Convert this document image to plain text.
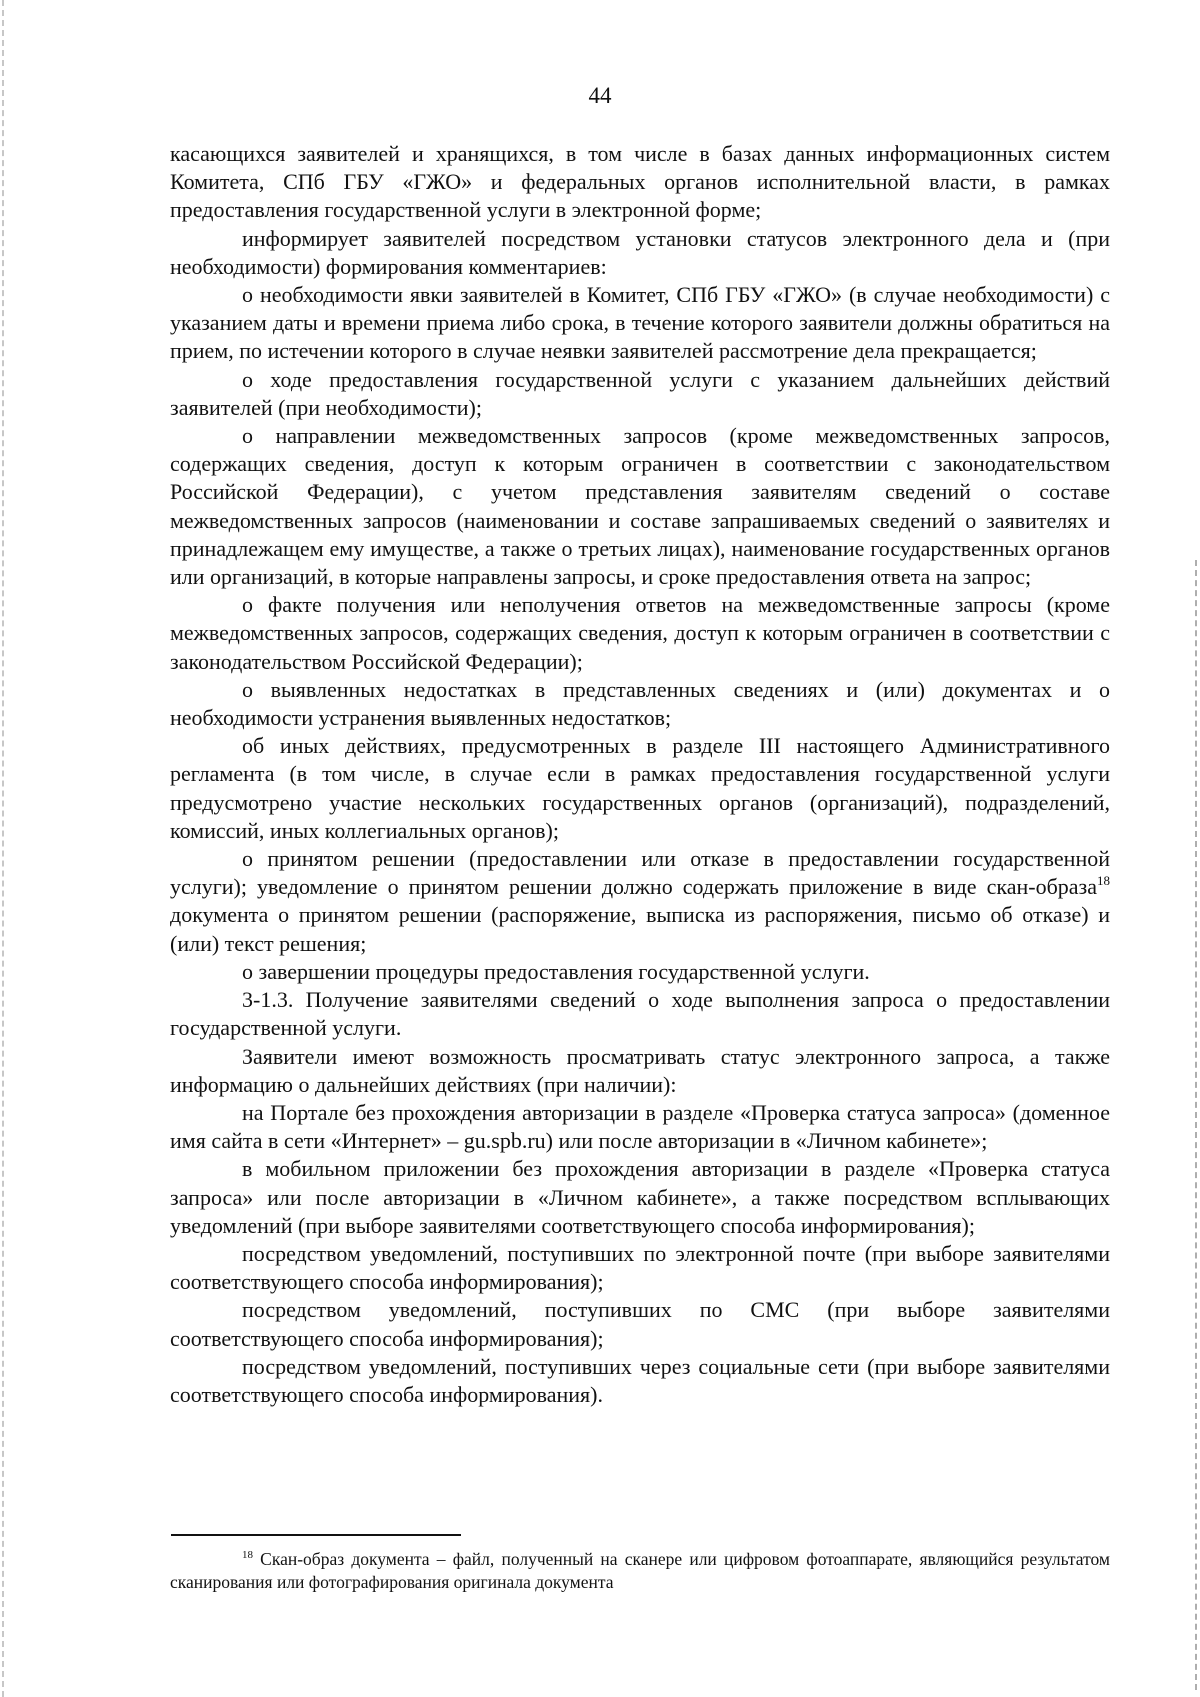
44

касающихся заявителей и хранящихся, в том числе в базах данных информационных систем Комитета, СПб ГБУ «ГЖО» и федеральных органов исполнительной власти, в рамках предоставления государственной услуги в электронной форме;

информирует заявителей посредством установки статусов электронного дела и (при необходимости) формирования комментариев:

о необходимости явки заявителей в Комитет, СПб ГБУ «ГЖО» (в случае необходимости) с указанием даты и времени приема либо срока, в течение которого заявители должны обратиться на прием, по истечении которого в случае неявки заявителей рассмотрение дела прекращается;

о ходе предоставления государственной услуги с указанием дальнейших действий заявителей (при необходимости);

о направлении межведомственных запросов (кроме межведомственных запросов, содержащих сведения, доступ к которым ограничен в соответствии с законодательством Российской Федерации), с учетом представления заявителям сведений о составе межведомственных запросов (наименовании и составе запрашиваемых сведений о заявителях и принадлежащем ему имуществе, а также о третьих лицах), наименование государственных органов или организаций, в которые направлены запросы, и сроке предоставления ответа на запрос;

о факте получения или неполучения ответов на межведомственные запросы (кроме межведомственных запросов, содержащих сведения, доступ к которым ограничен в соответствии с законодательством Российской Федерации);

о выявленных недостатках в представленных сведениях и (или) документах и о необходимости устранения выявленных недостатков;

об иных действиях, предусмотренных в разделе III настоящего Административного регламента (в том числе, в случае если в рамках предоставления государственной услуги предусмотрено участие нескольких государственных органов (организаций), подразделений, комиссий, иных коллегиальных органов);

о принятом решении (предоставлении или отказе в предоставлении государственной услуги); уведомление о принятом решении должно содержать приложение в виде скан-образа$^{18}$ документа о принятом решении (распоряжение, выписка из распоряжения, письмо об отказе) и (или) текст решения;

о завершении процедуры предоставления государственной услуги.

3-1.3. Получение заявителями сведений о ходе выполнения запроса о предоставлении государственной услуги.

Заявители имеют возможность просматривать статус электронного запроса, а также информацию о дальнейших действиях (при наличии):

на Портале без прохождения авторизации в разделе «Проверка статуса запроса» (доменное имя сайта в сети «Интернет» – gu.spb.ru) или после авторизации в «Личном кабинете»;

в мобильном приложении без прохождения авторизации в разделе «Проверка статуса запроса» или после авторизации в «Личном кабинете», а также посредством всплывающих уведомлений (при выборе заявителями соответствующего способа информирования);

посредством уведомлений, поступивших по электронной почте (при выборе заявителями соответствующего способа информирования);

посредством уведомлений, поступивших по СМС (при выборе заявителями соответствующего способа информирования);

посредством уведомлений, поступивших через социальные сети (при выборе заявителями соответствующего способа информирования).

$^{18}$ Скан-образ документа – файл, полученный на сканере или цифровом фотоаппарате, являющийся результатом сканирования или фотографирования оригинала документа
